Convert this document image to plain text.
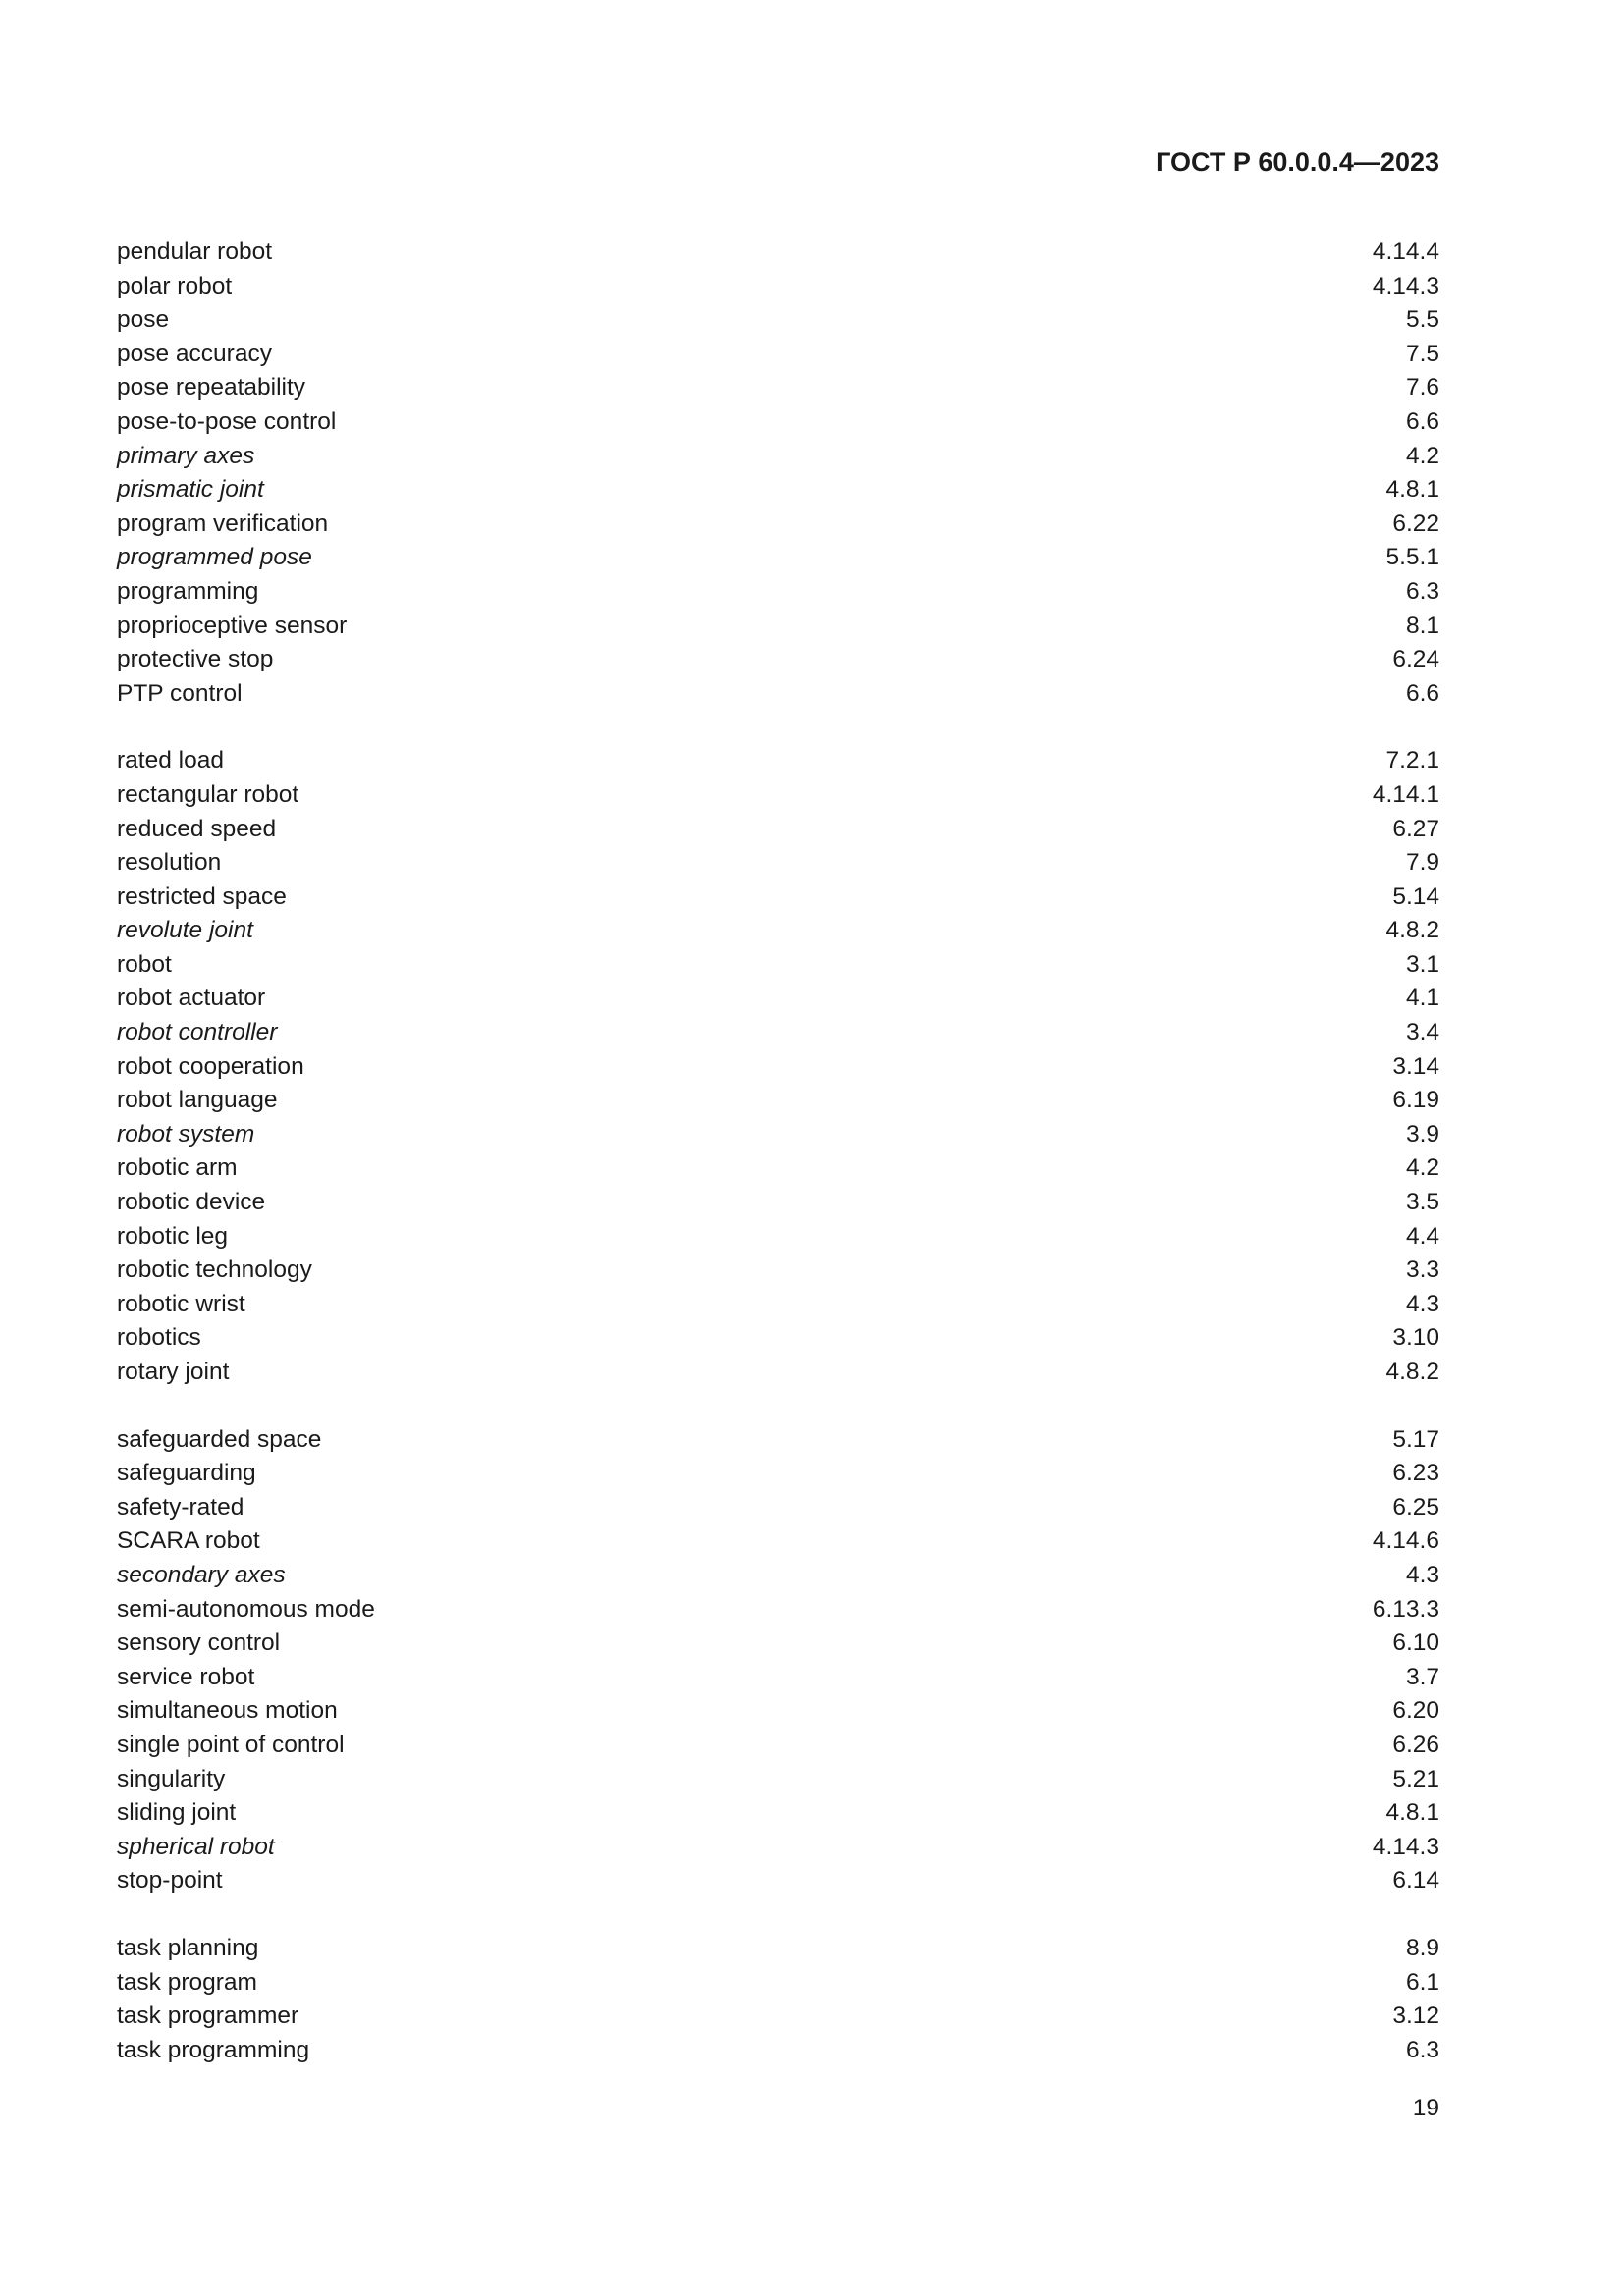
ГОСТ Р 60.0.0.4—2023
pendular robot	4.14.4
polar robot	4.14.3
pose	5.5
pose accuracy	7.5
pose repeatability	7.6
pose-to-pose control	6.6
primary axes	4.2
prismatic joint	4.8.1
program verification	6.22
programmed pose	5.5.1
programming	6.3
proprioceptive sensor	8.1
protective stop	6.24
PTP control	6.6
rated load	7.2.1
rectangular robot	4.14.1
reduced speed	6.27
resolution	7.9
restricted space	5.14
revolute joint	4.8.2
robot	3.1
robot actuator	4.1
robot controller	3.4
robot cooperation	3.14
robot language	6.19
robot system	3.9
robotic arm	4.2
robotic device	3.5
robotic leg	4.4
robotic technology	3.3
robotic wrist	4.3
robotics	3.10
rotary joint	4.8.2
safeguarded space	5.17
safeguarding	6.23
safety-rated	6.25
SCARA robot	4.14.6
secondary axes	4.3
semi-autonomous mode	6.13.3
sensory control	6.10
service robot	3.7
simultaneous motion	6.20
single point of control	6.26
singularity	5.21
sliding joint	4.8.1
spherical robot	4.14.3
stop-point	6.14
task planning	8.9
task program	6.1
task programmer	3.12
task programming	6.3
19
